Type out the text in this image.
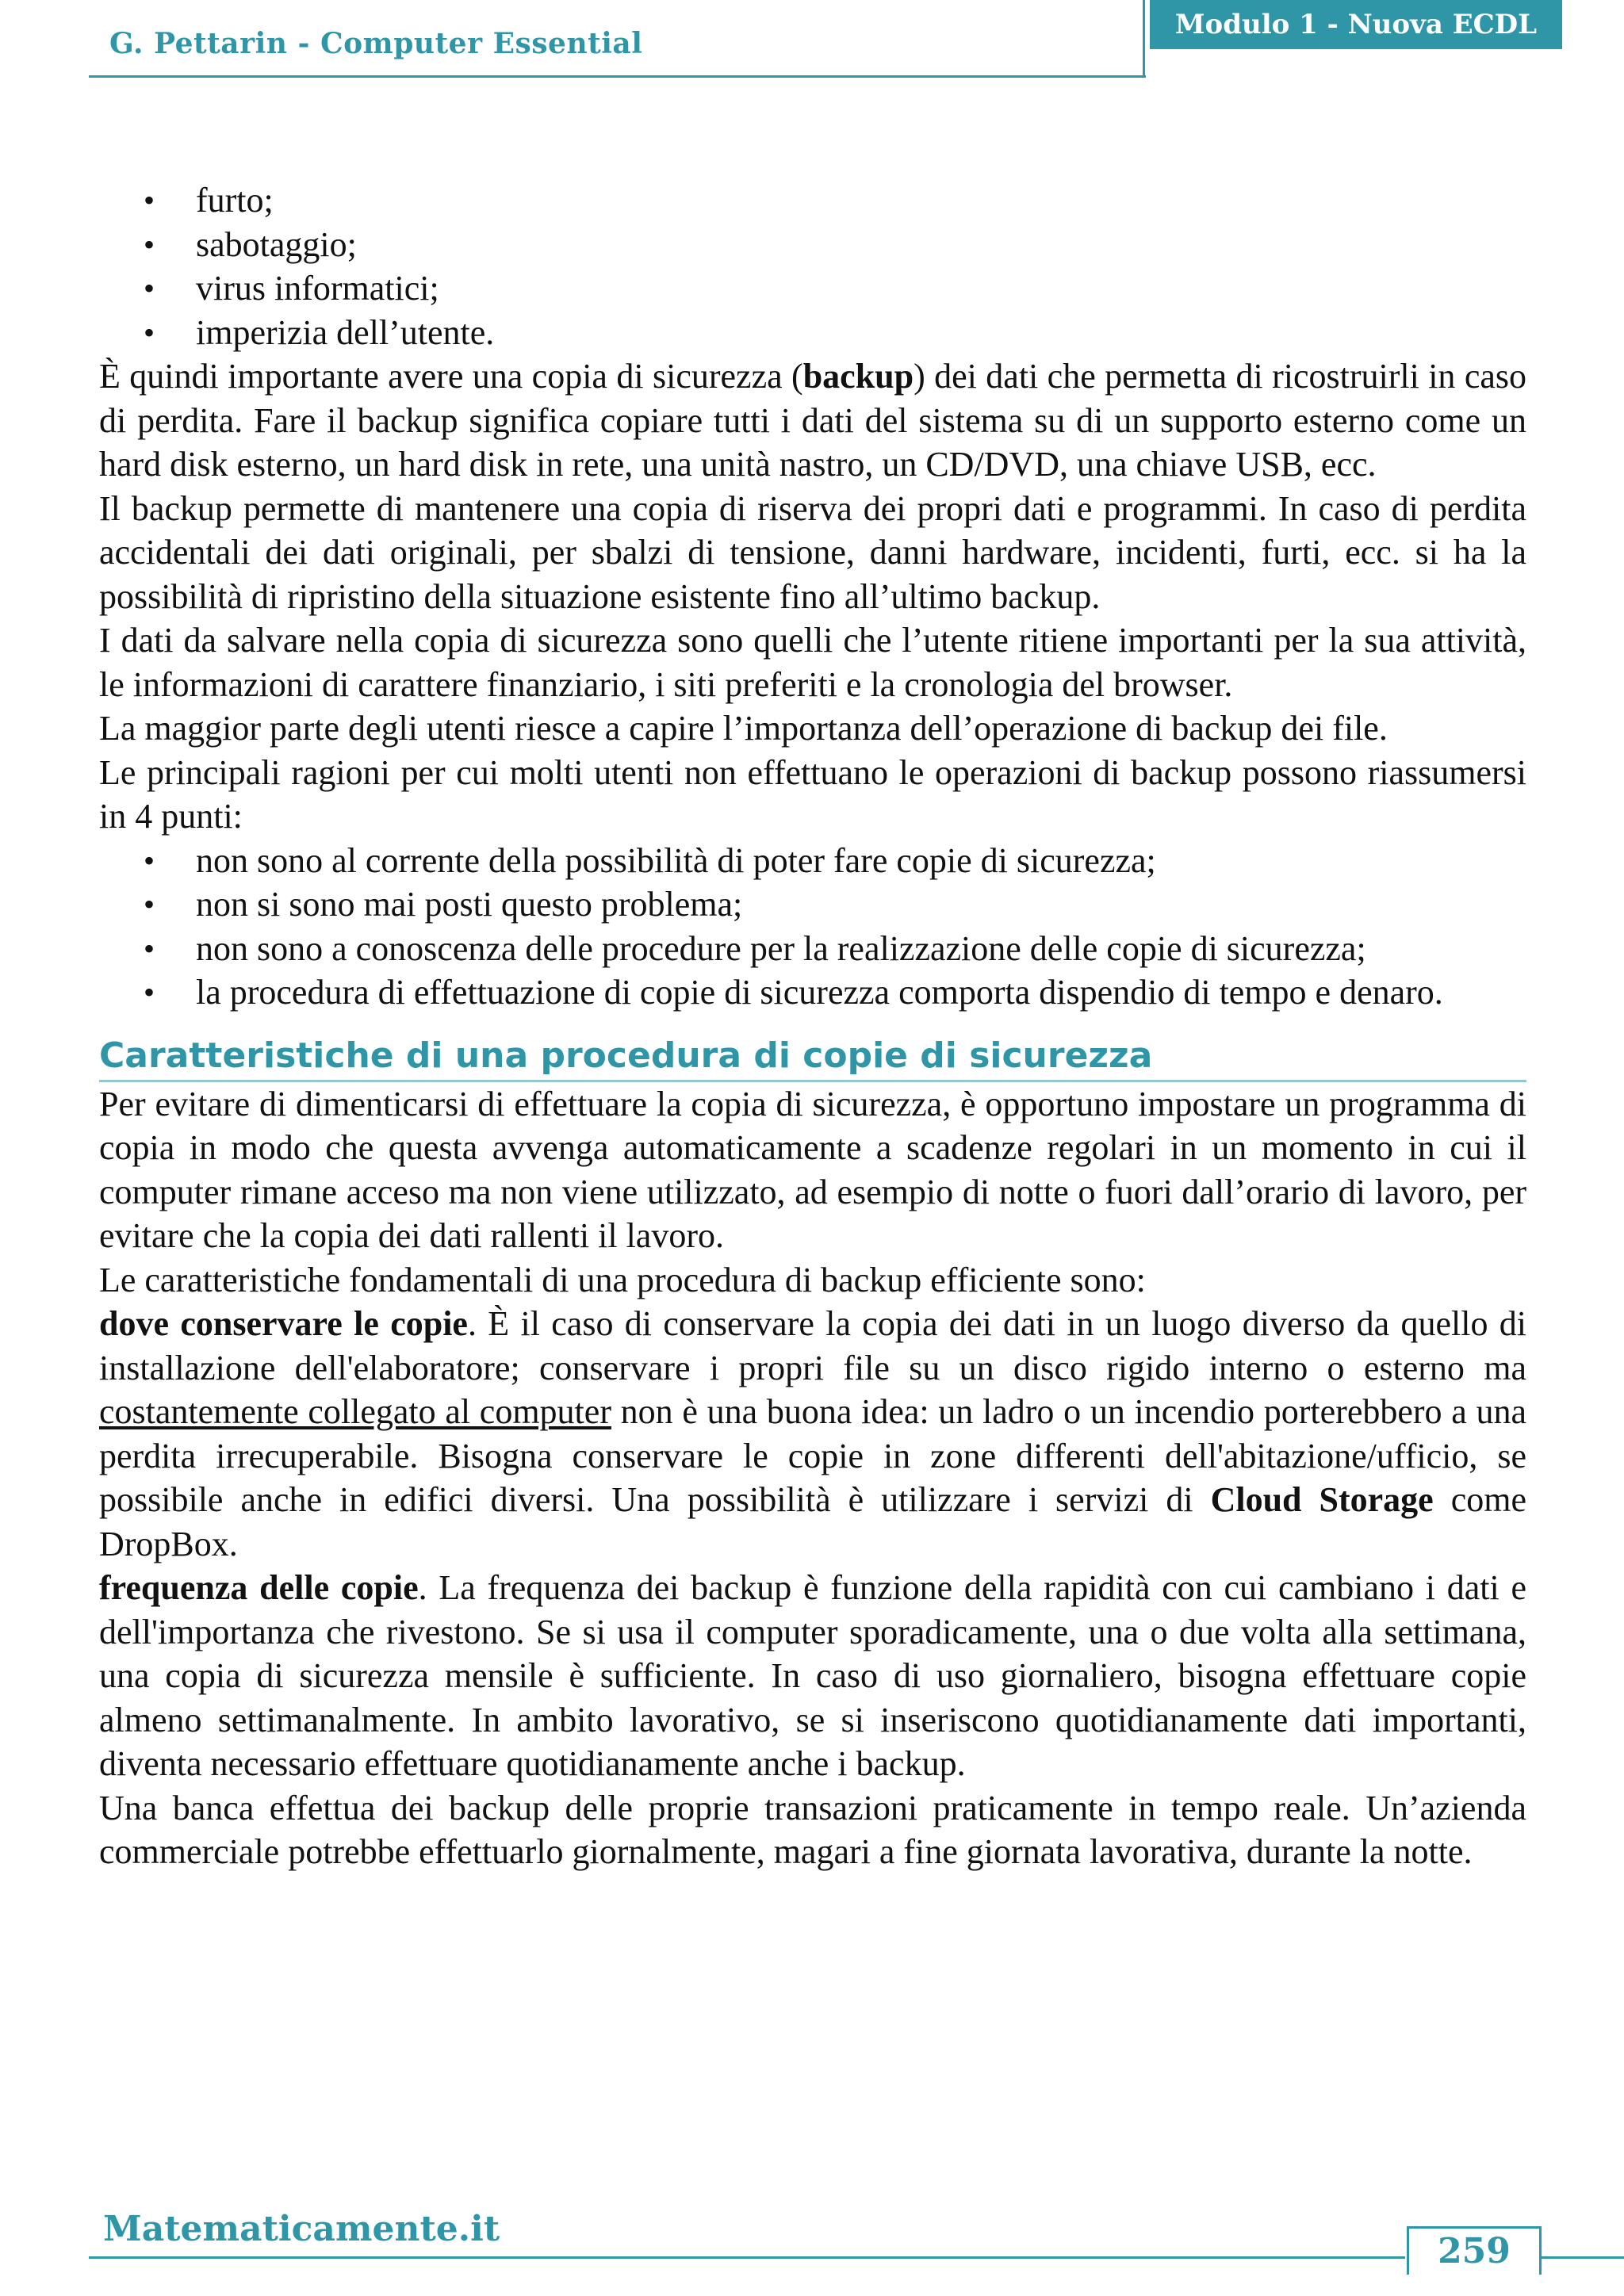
G. Pettarin - Computer Essential
Modulo 1 - Nuova ECDL
• furto;
• sabotaggio;
• virus informatici;
• imperizia dell’utente.

È quindi importante avere una copia di sicurezza (backup) dei dati che permetta di ricostruirli in caso di perdita. Fare il backup significa copiare tutti i dati del sistema su di un supporto esterno come un hard disk esterno, un hard disk in rete, una unità nastro, un CD/DVD, una chiave USB, ecc.

Il backup permette di mantenere una copia di riserva dei propri dati e programmi. In caso di perdita accidentali dei dati originali, per sbalzi di tensione, danni hardware, incidenti, furti, ecc. si ha la possibilità di ripristino della situazione esistente fino all’ultimo backup.

I dati da salvare nella copia di sicurezza sono quelli che l’utente ritiene importanti per la sua attività, le informazioni di carattere finanziario, i siti preferiti e la cronologia del browser.

La maggior parte degli utenti riesce a capire l’importanza dell’operazione di backup dei file.

Le principali ragioni per cui molti utenti non effettuano le operazioni di backup possono riassumersi in 4 punti:

• non sono al corrente della possibilità di poter fare copie di sicurezza;
• non si sono mai posti questo problema;
• non sono a conoscenza delle procedure per la realizzazione delle copie di sicurezza;
• la procedura di effettuazione di copie di sicurezza comporta dispendio di tempo e denaro.
Caratteristiche di una procedura di copie di sicurezza

Per evitare di dimenticarsi di effettuare la copia di sicurezza, è opportuno impostare un programma di copia in modo che questa avvenga automaticamente a scadenze regolari in un momento in cui il computer rimane acceso ma non viene utilizzato, ad esempio di notte o fuori dall’orario di lavoro, per evitare che la copia dei dati rallenti il lavoro.

Le caratteristiche fondamentali di una procedura di backup efficiente sono:

dove conservare le copie. È il caso di conservare la copia dei dati in un luogo diverso da quello di installazione dell'elaboratore; conservare i propri file su un disco rigido interno o esterno ma costantemente collegato al computer non è una buona idea: un ladro o un incendio porterebbero a una perdita irrecuperabile. Bisogna conservare le copie in zone differenti dell'abitazione/ufficio, se possibile anche in edifici diversi. Una possibilità è utilizzare i servizi di Cloud Storage come DropBox.

frequenza delle copie. La frequenza dei backup è funzione della rapidità con cui cambiano i dati e dell'importanza che rivestono. Se si usa il computer sporadicamente, una o due volta alla settimana, una copia di sicurezza mensile è sufficiente. In caso di uso giornaliero, bisogna effettuare copie almeno settimanalmente. In ambito lavorativo, se si inseriscono quotidianamente dati importanti, diventa necessario effettuare quotidianamente anche i backup.

Una banca effettua dei backup delle proprie transazioni praticamente in tempo reale. Un’azienda commerciale potrebbe effettuarlo giornalmente, magari a fine giornata lavorativa, durante la notte.

Matematicamente.it
259
